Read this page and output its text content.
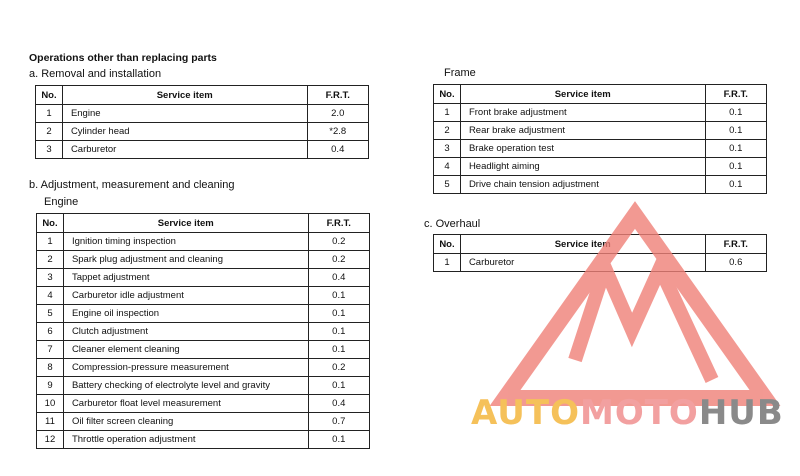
Operations other than replacing parts
a. Removal and installation
No.	Service item	F.R.T.
1	Engine	2.0
2	Cylinder head	*2.8
3	Carburetor	0.4
b. Adjustment, measurement and cleaning
Engine
No.	Service item	F.R.T.
1	Ignition timing inspection	0.2
2	Spark plug adjustment and cleaning	0.2
3	Tappet adjustment	0.4
4	Carburetor idle adjustment	0.1
5	Engine oil inspection	0.1
6	Clutch adjustment	0.1
7	Cleaner element cleaning	0.1
8	Compression-pressure measurement	0.2
9	Battery checking of electrolyte level and gravity	0.1
10	Carburetor float level measurement	0.4
11	Oil filter screen cleaning	0.7
12	Throttle operation adjustment	0.1
Frame
No.	Service item	F.R.T.
1	Front brake adjustment	0.1
2	Rear brake adjustment	0.1
3	Brake operation test	0.1
4	Headlight aiming	0.1
5	Drive chain tension adjustment	0.1
c. Overhaul
No.	Service item	F.R.T.
1	Carburetor	0.6
AUTOMOTOHUB
